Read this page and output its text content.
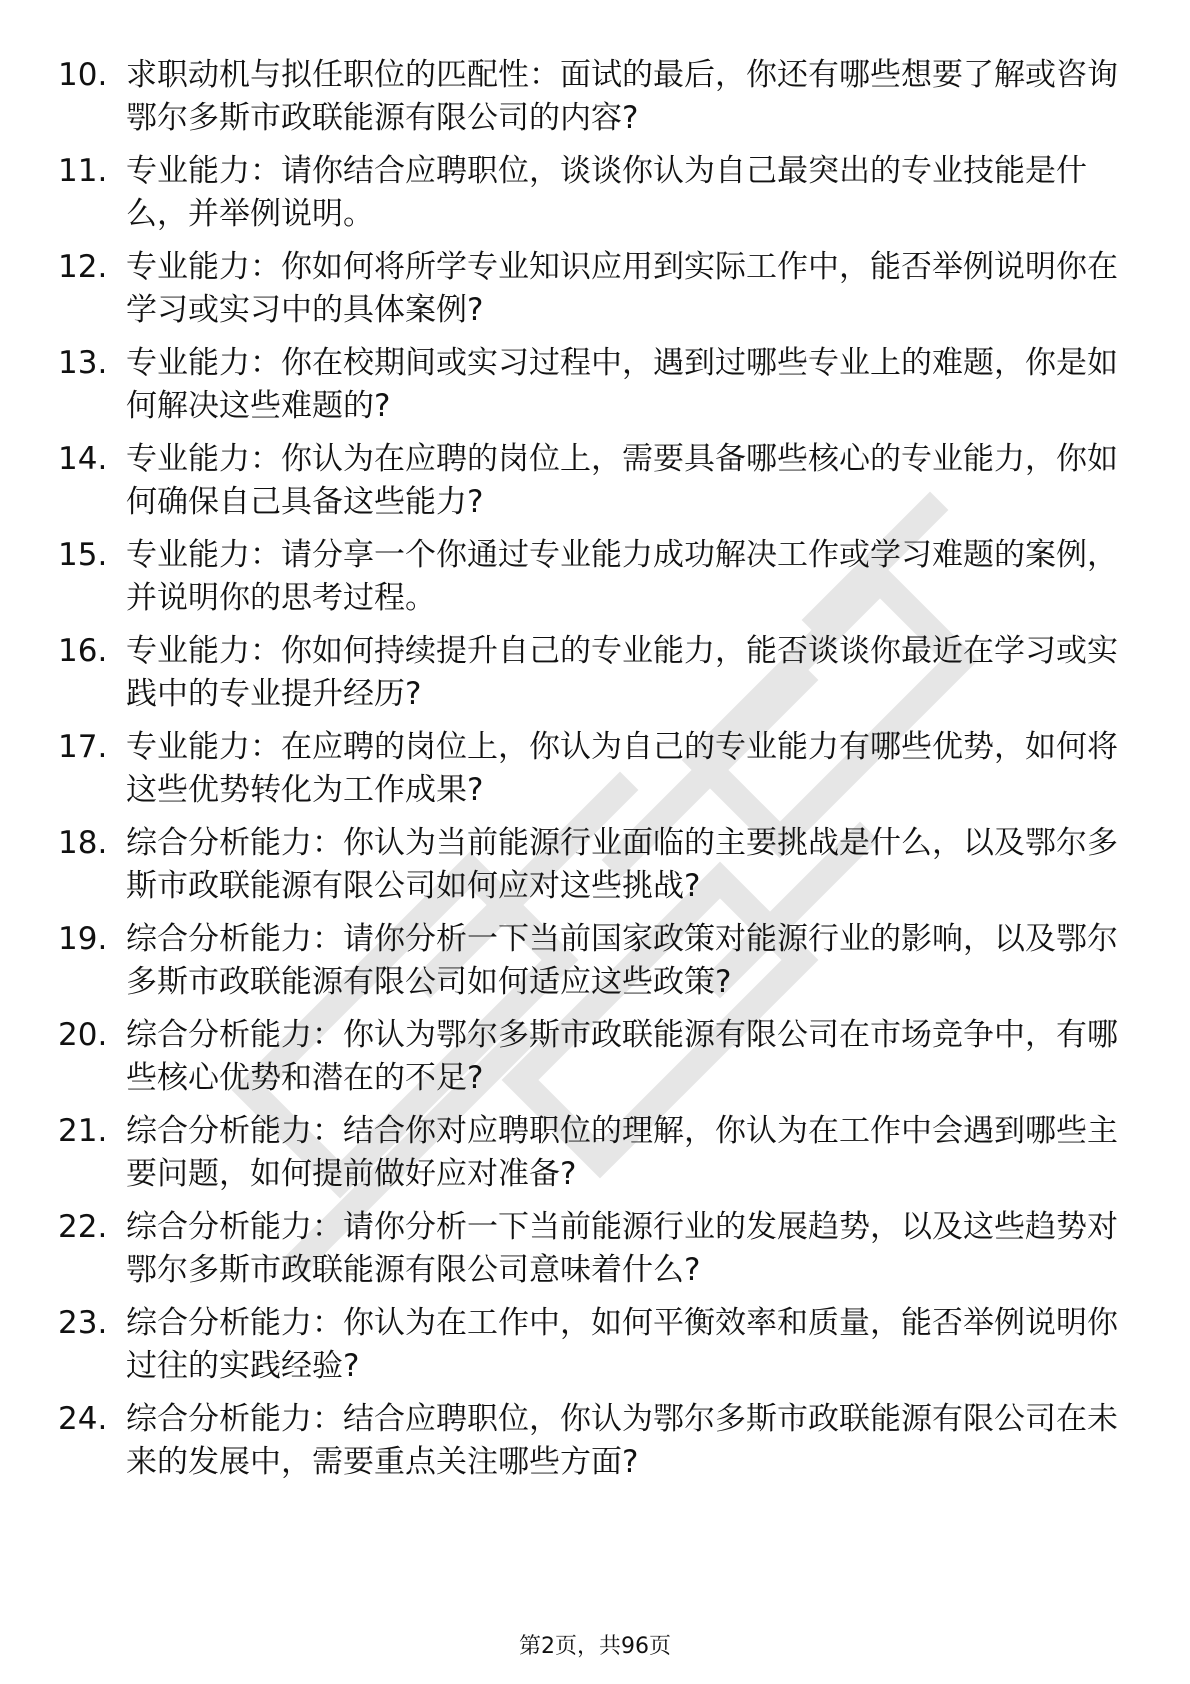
10. 求职动机与拟任职位的匹配性：面试的最后，你还有哪些想要了解或咨询鄂尔多斯市政联能源有限公司的内容?
11. 专业能力：请你结合应聘职位，谈谈你认为自己最突出的专业技能是什么，并举例说明。
12. 专业能力：你如何将所学专业知识应用到实际工作中，能否举例说明你在学习或实习中的具体案例?
13. 专业能力：你在校期间或实习过程中，遇到过哪些专业上的难题，你是如何解决这些难题的?
14. 专业能力：你认为在应聘的岗位上，需要具备哪些核心的专业能力，你如何确保自己具备这些能力?
15. 专业能力：请分享一个你通过专业能力成功解决工作或学习难题的案例，并说明你的思考过程。
16. 专业能力：你如何持续提升自己的专业能力，能否谈谈你最近在学习或实践中的专业提升经历?
17. 专业能力：在应聘的岗位上，你认为自己的专业能力有哪些优势，如何将这些优势转化为工作成果?
18. 综合分析能力：你认为当前能源行业面临的主要挑战是什么，以及鄂尔多斯市政联能源有限公司如何应对这些挑战?
19. 综合分析能力：请你分析一下当前国家政策对能源行业的影响，以及鄂尔多斯市政联能源有限公司如何适应这些政策?
20. 综合分析能力：你认为鄂尔多斯市政联能源有限公司在市场竞争中，有哪些核心优势和潜在的不足?
21. 综合分析能力：结合你对应聘职位的理解，你认为在工作中会遇到哪些主要问题，如何提前做好应对准备?
22. 综合分析能力：请你分析一下当前能源行业的发展趋势，以及这些趋势对鄂尔多斯市政联能源有限公司意味着什么?
23. 综合分析能力：你认为在工作中，如何平衡效率和质量，能否举例说明你过往的实践经验?
24. 综合分析能力：结合应聘职位，你认为鄂尔多斯市政联能源有限公司在未来的发展中，需要重点关注哪些方面?
第2页，共96页
